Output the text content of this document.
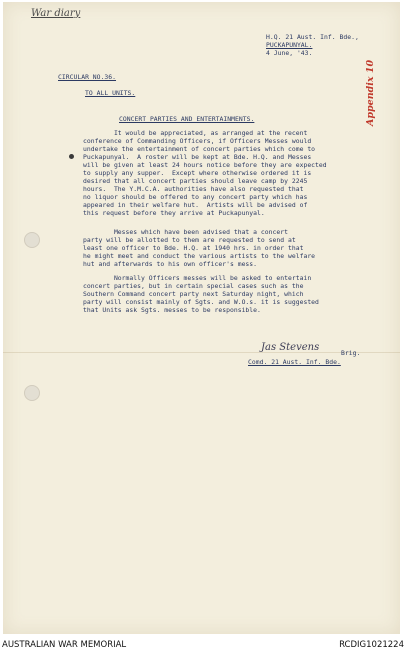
War diary
H.Q. 21 Aust. Inf. Bde.,
PUCKAPUNYAL.
4 June, '43.
Appendix 10
CIRCULAR NO.36.
TO ALL UNITS.
CONCERT PARTIES AND ENTERTAINMENTS.
It would be appreciated, as arranged at the recent
conference of Commanding Officers, if Officers Messes would
undertake the entertainment of concert parties which come to
Puckapunyal.  A roster will be kept at Bde. H.Q. and Messes
will be given at least 24 hours notice before they are expected
to supply any supper.  Except where otherwise ordered it is
desired that all concert parties should leave camp by 2245
hours.  The Y.M.C.A. authorities have also requested that
no liquor should be offered to any concert party which has
appeared in their welfare hut.  Artists will be advised of
this request before they arrive at Puckapunyal.
Messes which have been advised that a concert
party will be allotted to them are requested to send at
least one officer to Bde. H.Q. at 1940 hrs. in order that
he might meet and conduct the various artists to the welfare
hut and afterwards to his own officer's mess.
Normally Officers messes will be asked to entertain
concert parties, but in certain special cases such as the
Southern Command concert party next Saturday night, which
party will consist mainly of Sgts. and W.O.s. it is suggested
that Units ask Sgts. messes to be responsible.
Jas Stevens	Brig.
Comd. 21 Aust. Inf. Bde.
AUSTRALIAN WAR MEMORIAL	RCDIG1021224
